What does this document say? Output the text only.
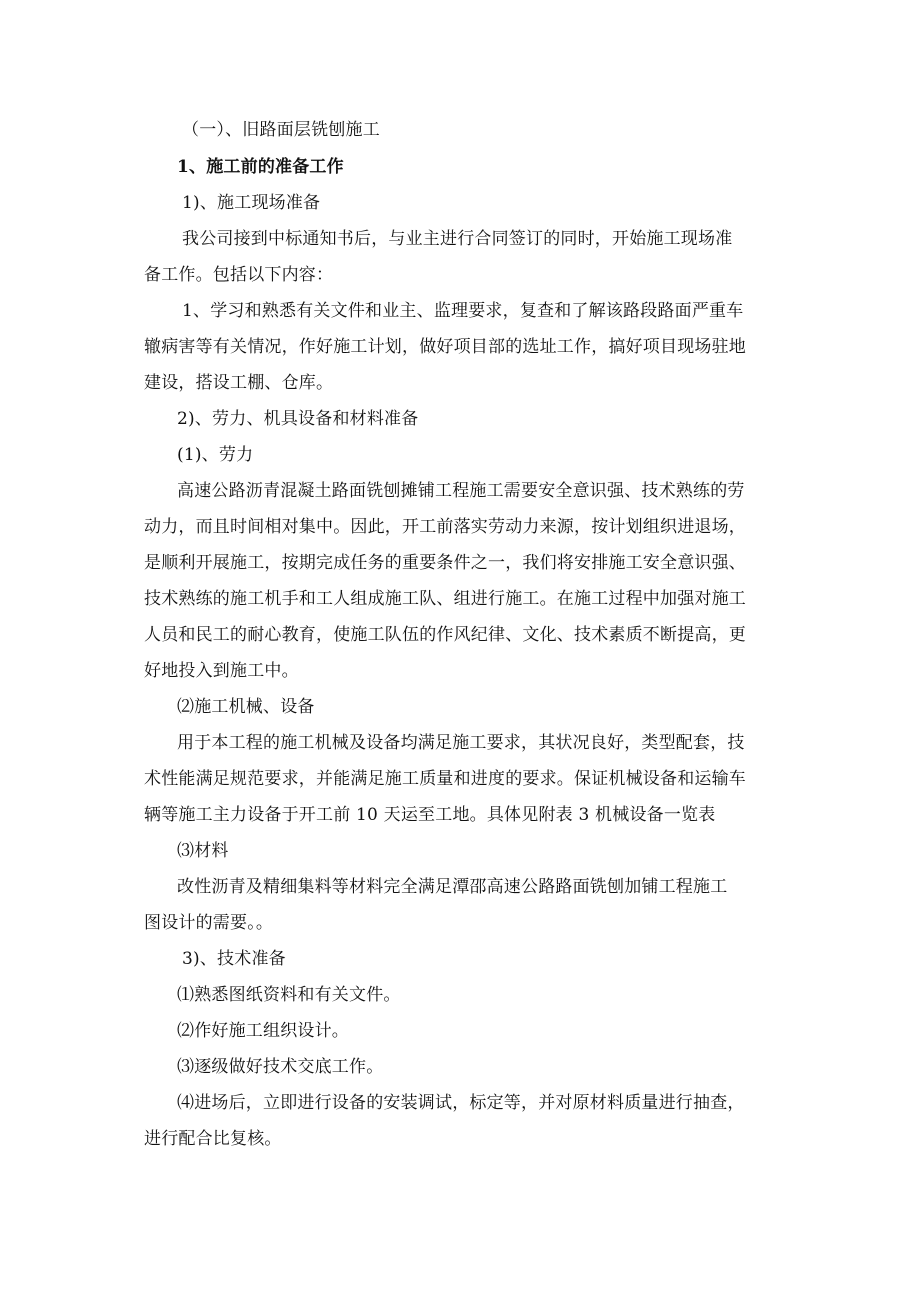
（一）、旧路面层铣刨施工
1、施工前的准备工作
1)、施工现场准备
我公司接到中标通知书后，与业主进行合同签订的同时，开始施工现场准
备工作。包括以下内容：
1、学习和熟悉有关文件和业主、监理要求，复查和了解该路段路面严重车
辙病害等有关情况，作好施工计划，做好项目部的选址工作，搞好项目现场驻地
建设，搭设工棚、仓库。
2)、劳力、机具设备和材料准备
(1)、劳力
高速公路沥青混凝土路面铣刨摊铺工程施工需要安全意识强、技术熟练的劳
动力，而且时间相对集中。因此，开工前落实劳动力来源，按计划组织进退场，
是顺利开展施工，按期完成任务的重要条件之一，我们将安排施工安全意识强、
技术熟练的施工机手和工人组成施工队、组进行施工。在施工过程中加强对施工
人员和民工的耐心教育，使施工队伍的作风纪律、文化、技术素质不断提高，更
好地投入到施工中。
⑵施工机械、设备
用于本工程的施工机械及设备均满足施工要求，其状况良好，类型配套，技
术性能满足规范要求，并能满足施工质量和进度的要求。保证机械设备和运输车
辆等施工主力设备于开工前 10 天运至工地。具体见附表 3 机械设备一览表
⑶材料
改性沥青及精细集料等材料完全满足潭邵高速公路路面铣刨加铺工程施工
图设计的需要。。
3)、技术准备
⑴熟悉图纸资料和有关文件。
⑵作好施工组织设计。
⑶逐级做好技术交底工作。
⑷进场后，立即进行设备的安装调试，标定等，并对原材料质量进行抽查，
进行配合比复核。
